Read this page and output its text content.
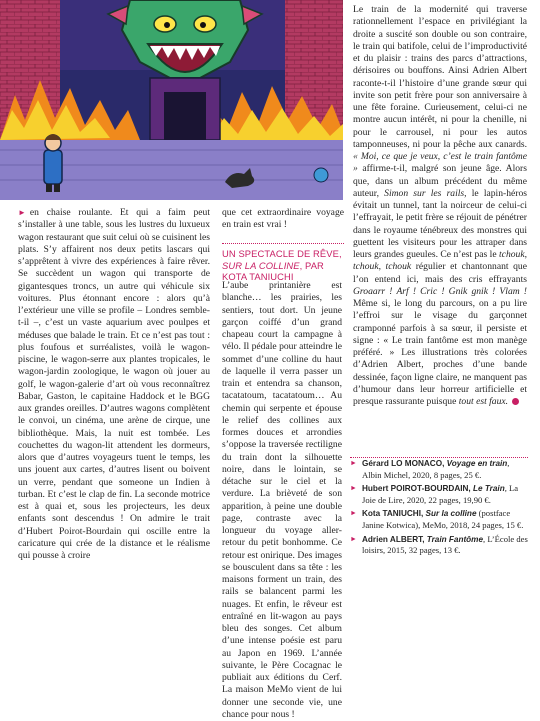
► en chaise roulante. Et qui a faim peut s’installer à une table, sous les lustres du luxueux wagon restaurant que suit celui où se cuisinent les plats. S’y affairent nos deux petits lascars qui s’apprêtent à vivre des expériences à faire rêver. Se succèdent un wagon qui transporte de gigantesques troncs, un autre qui véhicule six voitures. Plus étonnant encore : alors qu’à l’extérieur une ville se profile – Londres semble-t-il –, c’est un vaste aquarium avec poulpes et méduses que balade le train. Et ce n’est pas tout : plus foufous et surréalistes, voilà le wagon-piscine, le wagon-serre aux plantes tropicales, le wagon-jardin zoologique, le wagon où jouer au golf, le wagon-galerie d’art où vous reconnaîtrez Babar, Gaston, le capitaine Haddock et le BGG aux grandes oreilles. D’autres wagons complètent le convoi, un cinéma, une arène de cirque, une bibliothèque. Mais, la nuit est tombée. Les couchettes du wagon-lit attendent les dormeurs, alors que d’autres voyageurs tuent le temps, les uns jouent aux cartes, d’autres lisent ou boivent un verre, pendant que someone un Indien à turban. Et c’est le clap de fin. La seconde motrice est à quai et, sous les projecteurs, les deux enfants sont descendus ! On admire le trait d’Hubert Poirot-Bourdain qui oscille entre la caricature qui crée de la distance et le réalisme qui pousse à croire

que cet extraordinaire voyage en train est vrai !

UN SPECTACLE DE RÊVE, SUR LA COLLINE, PAR KOTA TANIUCHI

L’aube printanière est blanche… les prairies, les sentiers, tout dort. Un jeune garçon coiffé d’un grand chapeau court la campagne à vélo. Il pédale pour atteindre le sommet d’une colline du haut de laquelle il verra passer un train et entendra sa chanson, tacatatoum, tacatatoum… Au chemin qui serpente et épouse le relief des collines aux formes douces et arrondies s’oppose la traversée rectiligne du train dont la silhouette noire, dans le lointain, se détache sur le ciel et la verdure. La brièveté de son apparition, à peine une double page, contraste avec la longueur du voyage aller-retour du petit bonhomme. Ce retour est onirique. Des images se bousculent dans sa tête : les maisons forment un train, des rails se balancent parmi les nuages. Et enfin, le rêveur est entraîné en lit-wagon au pays bleu des songes. Cet album d’une intense poésie est paru au Japon en 1969. L’année suivante, le Père Cocagnac le publiait aux éditions du Cerf. La maison MeMo vient de lui donner une seconde vie, une chance pour nous !

Le train de la modernité qui traverse rationnellement l’espace en privilégiant la droite a suscité son double ou son contraire, le train qui batifole, celui de l’improductivité et du plaisir : trains des parcs d’attractions, dérisoires ou bouffons. Ainsi Adrien Albert raconte-t-il l’histoire d’une grande sœur qui invite son petit frère pour son anniversaire à une fête foraine. Curieusement, celui-ci ne montre aucun intérêt, ni pour la chenille, ni pour le carrousel, ni pour les autos tamponneuses, ni pour la pêche aux canards. « Moi, ce que je veux, c’est le train fantôme » affirme-t-il, malgré son jeune âge. Alors que, dans un album précédent du même auteur, Simon sur les rails, le lapin-héros évitait un tunnel, tant la noirceur de celui-ci l’effrayait, le petit frère se réjouit de pénétrer dans le royaume ténébreux des monstres qui guettent les visiteurs pour les attraper dans leurs grandes gueules. Ce n’est pas le tchouk, tchouk, tchouk régulier et chantonnant que l’on entend ici, mais des cris effrayants Groaarr ! Arf ! Cric ! Gnik gnik ! Vlam ! Même si, le long du parcours, on a pu lire l’effroi sur le visage du garçonnet cramponné parfois à sa sœur, il persiste et signe : « Le train fantôme est mon manège préféré. » Les illustrations très colorées d’Adrien Albert, proches d’une bande dessinée, façon ligne claire, ne manquent pas d’humour dans leur horreur artificielle et presque rassurante puisque tout est faux.

► Gérard LO MONACO, Voyage en train, Albin Michel, 2020, 8 pages, 25 €.
► Hubert POIROT-BOURDAIN, Le Train, La Joie de Lire, 2020, 22 pages, 19,90 €.
► Kota TANIUCHI, Sur la colline (postface Janine Kotwica), MeMo, 2018, 24 pages, 15 €.
► Adrien ALBERT, Train Fantôme, L’École des loisirs, 2015, 32 pages, 13 €.
